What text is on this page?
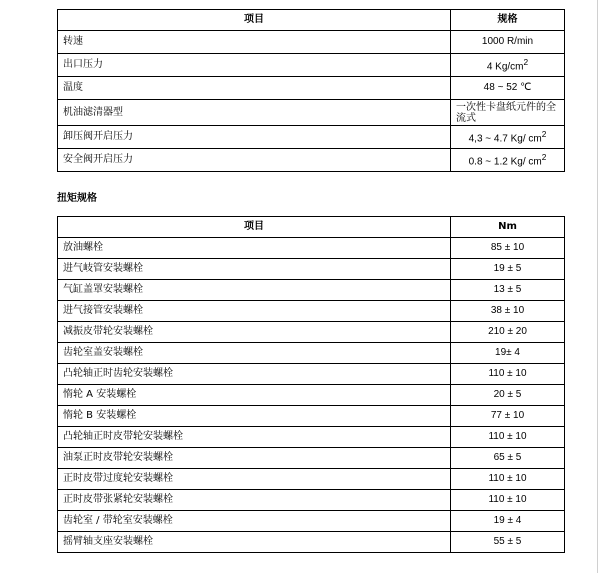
项目	规格
转速	1000 R/min
出口压力	4 $Kg/cm^2$
温度	48 ~ 52 ℃
机油滤清器型	一次性卡盘纸元件的全流式
卸压阀开启压力	4,3 ~ 4.7 Kg/ $cm^2$
安全阀开启压力	0.8 ~ 1.2 Kg/ $cm^2$
扭矩规格
项目	Nm
放油螺栓	85 ± 10
进气岐管安装螺栓	19 ± 5
气缸盖罩安装螺栓	13 ± 5
进气接管安装螺栓	38 ± 10
减振皮带轮安装螺栓	210 ± 20
齿轮室盖安装螺栓	19± 4
凸轮轴正时齿轮安装螺栓	110 ± 10
惰轮 A 安装螺栓	20 ± 5
惰轮 B 安装螺栓	77 ± 10
凸轮轴正时皮带轮安装螺栓	110 ± 10
油泵正时皮带轮安装螺栓	65 ± 5
正时皮带过度轮安装螺栓	110 ± 10
正时皮带张紧轮安装螺栓	110 ± 10
齿轮室 / 带轮室安装螺栓	19 ± 4
摇臂轴支座安装螺栓	55 ± 5
